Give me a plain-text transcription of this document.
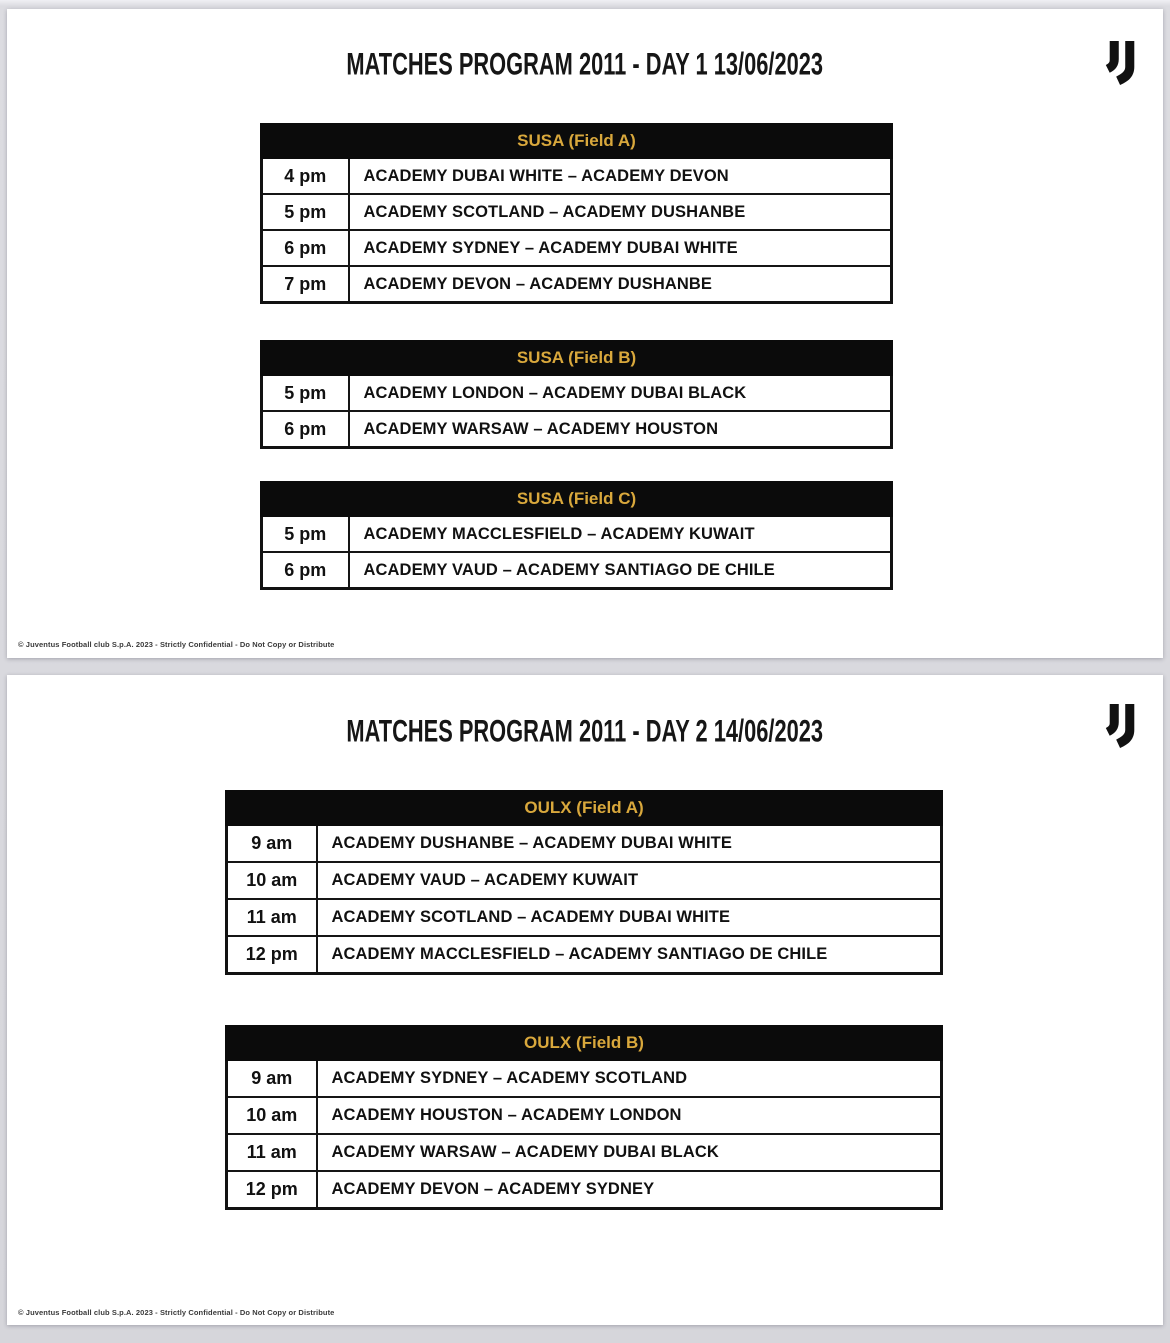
MATCHES PROGRAM 2011 - DAY 1 13/06/2023
SUSA (Field A)	
4 pm	ACADEMY DUBAI WHITE – ACADEMY DEVON
5 pm	ACADEMY SCOTLAND – ACADEMY DUSHANBE
6 pm	ACADEMY SYDNEY – ACADEMY DUBAI WHITE
7 pm	ACADEMY DEVON – ACADEMY DUSHANBE
SUSA (Field B)	
5 pm	ACADEMY LONDON – ACADEMY DUBAI BLACK
6 pm	ACADEMY WARSAW – ACADEMY HOUSTON
SUSA (Field C)	
5 pm	ACADEMY MACCLESFIELD – ACADEMY KUWAIT
6 pm	ACADEMY VAUD – ACADEMY SANTIAGO DE CHILE
© Juventus Football club S.p.A. 2023 - Strictly Confidential - Do Not Copy or Distribute
MATCHES PROGRAM 2011 - DAY 2 14/06/2023
OULX (Field A)	
9 am	ACADEMY DUSHANBE – ACADEMY DUBAI WHITE
10 am	ACADEMY VAUD – ACADEMY KUWAIT
11 am	ACADEMY SCOTLAND – ACADEMY DUBAI WHITE
12 pm	ACADEMY MACCLESFIELD – ACADEMY SANTIAGO DE CHILE
OULX (Field B)	
9 am	ACADEMY SYDNEY – ACADEMY SCOTLAND
10 am	ACADEMY HOUSTON – ACADEMY LONDON
11 am	ACADEMY WARSAW – ACADEMY DUBAI BLACK
12 pm	ACADEMY DEVON – ACADEMY SYDNEY
© Juventus Football club S.p.A. 2023 - Strictly Confidential - Do Not Copy or Distribute
